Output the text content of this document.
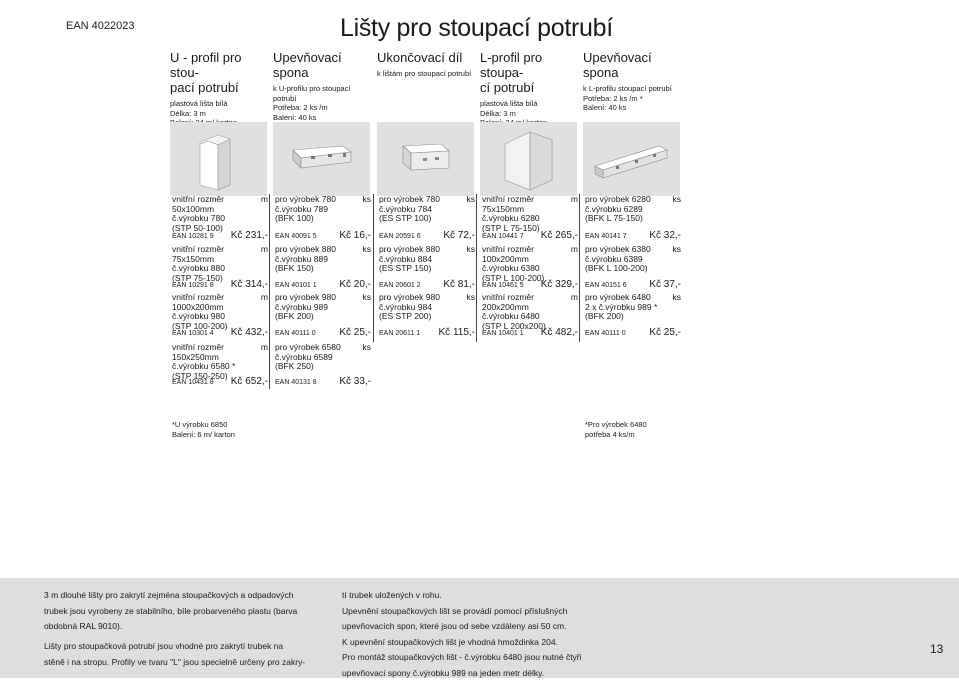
EAN 4022023	Lišty pro stoupací potrubí
U - profil pro stou-
pací potrubí
plastová lišta bílá
Délka: 3 m

Upevňovací spona
k U-profilu pro stoupací potrubí
Potřeba: 2 ks /m
Balení: 40 ks
Ukončovací díl
k lištám pro stoupací potrubí
L-profil pro stoupa-
cí potrubí
plastová lišta bílá
Délka: 3 m

Upevňovací spona
k L-profilu stoupací potrubí
Potřeba: 2 ks /m *
Balení: 40 ks
vnitřní rozměr
50x100mm
č.výrobku 780
(STP 50-100)
m
EAN 10281 9 Kč 231,-
vnitřní rozměr
75x150mm
č.výrobku 880
(STP 75-150)
m
EAN 10291 8 Kč 314,-
vnitřní rozměr
1000x200mm
č.výrobku 980
(STP 100-200)
m
EAN 10301 4 Kč 432,-
vnitřní rozměr
150x250mm
č.výrobku 6580 *
(STP 150-250)
m
EAN 10431 8 Kč 652,-
pro výrobek 780
č.výrobku 789
(BFK 100)
ks
EAN 40091 5 Kč 16,-
pro výrobek 880
č.výrobku 889
(BFK 150)
ks
EAN 40101 1 Kč 20,-
pro výrobek 980
č.výrobku 989
(BFK 200)
ks
EAN 40111 0 Kč 25,-
pro výrobek 6580
č.výrobku 6589
(BFK 250)
ks
EAN 40131 8 Kč 33,-
pro výrobek 780
č.výrobku 784
(ES STP 100)
ks
EAN 20591 6 Kč 72,-
pro výrobek 880
č.výrobku 884
(ES STP 150)
ks
EAN 20601 2 Kč 81,-
pro výrobek 980
č.výrobku 984
(ES STP 200)
ks
EAN 20611 1 Kč 115,-
vnitřní rozměr
75x150mm
č.výrobku 6280
(STP L 75-150)
m
EAN 10441 7 Kč 265,-
vnitřní rozměr
100x200mm
č.výrobku 6380
(STP L 100-200)
m
EAN 10461 5 Kč 329,-
vnitřní rozměr
200x200mm
č.výrobku 6480
(STP L 200x200)
m
EAN 10401 1 Kč 482,-
pro výrobek 6280
č.výrobku 6289
(BFK L 75-150)
ks
EAN 40141 7 Kč 32,-
pro výrobek 6380
č.výrobku 6389
(BFK L 100-200)
ks
EAN 40151 6 Kč 37,-
pro výrobek 6480
2 x č.výrobku 989 *
(BFK 200)
ks
EAN 40111 0 Kč 25,-
*U výrobku 6850
Balení: 6 m/ karton
*Pro výrobek 6480
potřeba 4 ks/m
3 m dlouhé lišty pro zakrytí zejména stoupačkových a odpadových
trubek jsou vyrobeny ze stabilního, bíle probarveného plastu (barva
obdobná RAL 9010).
Lišty pro stoupačková potrubí jsou vhodné pro zakrytí trubek na
stěně i na stropu. Profily ve tvaru "L" jsou specielně určeny pro zakry-
tí trubek uložených v rohu.
Upevnění stoupačkových lišt se provádí pomocí příslušných
upevňovacích spon, které jsou od sebe vzdáleny asi 50 cm.
K upevnění stoupačkových lišt je vhodná hmoždinka 204.
Pro montáž stoupačkových lišt - č.výrobku 6480 jsou nutné čtyři
upevňovací spony č.výrobku 989 na jeden metr délky.
13
